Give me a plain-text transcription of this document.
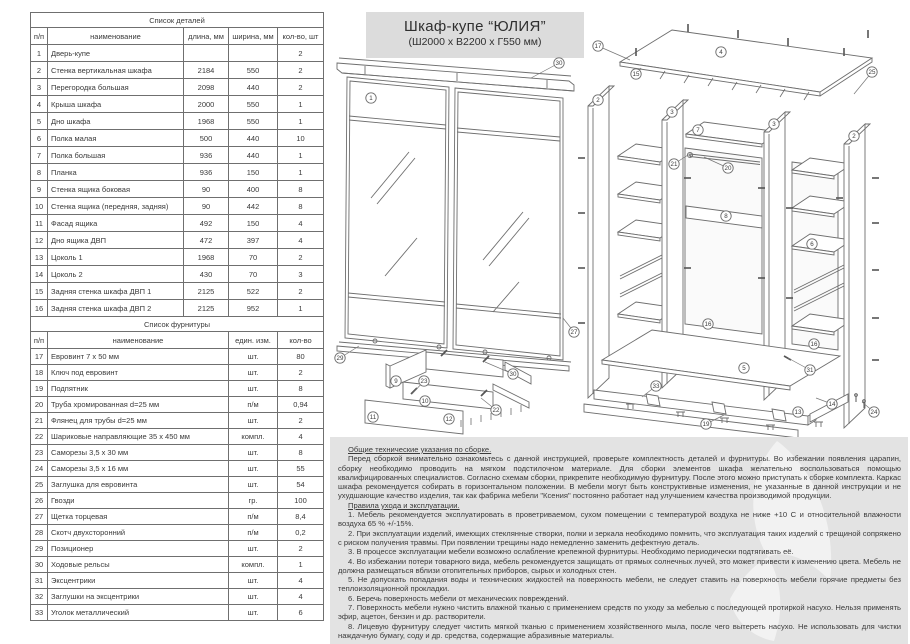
Список деталей				
п/п	наименование	длина, мм	ширина, мм	кол-во, шт
1	Дверь-купе			2
2	Стенка вертикальная шкафа	2184	550	2
3	Перегородка большая	2098	440	2
4	Крыша шкафа	2000	550	1
5	Дно шкафа	1968	550	1
6	Полка малая	500	440	10
7	Полка большая	936	440	1
8	Планка	936	150	1
9	Стенка ящика боковая	90	400	8
10	Стенка ящика (передняя, задняя)	90	442	8
11	Фасад ящика	492	150	4
12	Дно ящика ДВП	472	397	4
13	Цоколь 1	1968	70	2
14	Цоколь 2	430	70	3
15	Задняя стенка шкафа ДВП 1	2125	522	2
16	Задняя стенка шкафа ДВП 2	2125	952	1
Список фурнитуры			
п/п	наименование	един. изм.	кол-во
17	Евровинт 7 х 50 мм	шт.	80
18	Ключ под евровинт	шт.	2
19	Подпятник	шт.	8
20	Труба хромированная d=25 мм	п/м	0,94
21	Флянец для трубы d=25 мм	шт.	2
22	Шариковые направляющие 35 х 450 мм	компл.	4
23	Саморезы 3,5 х 30 мм	шт.	8
24	Саморезы 3,5 х 16 мм	шт.	55
25	Заглушка для евровинта	шт.	54
26	Гвозди	гр.	100
27	Щетка торцевая	п/м	8,4
28	Скотч двухсторонний	п/м	0,2
29	Позиционер	шт.	2
30	Ходовые рельсы	компл.	1
31	Эксцентрики	шт.	4
32	Заглушки на эксцентрики	шт.	4
33	Уголок металлический	шт.	6
Шкаф-купе “ЮЛИЯ”
(Ш2000 х В2200 х Г550 мм)
1
30
27
29
30
9	23
10
11	12
22
17
4
15
2
3
7
3
2
25
21
20
8
6
16
16
31
5
33
13
14
19
24

Общие технические указания по сборке.

Перед сборкой внимательно ознакомьтесь с данной инструкцией, проверьте комплектность деталей и фурнитуры. Во избежании появления царапин, сборку необходимо проводить на мягком подстилочном материале. Для сборки элементов шкафа желательно воспользоваться помощью квалифицированных специалистов. Согласно схемам сборки, прикрепите необходимую фурнитуру. После этого можно приступать к сборке комплекта. Каркас шкафа рекомендуется собирать в горизонтальном положении. В мебели могут быть конструктивные изменения, не указанные в данной инструкции и не ухудшающие качество изделия, так как фабрика мебели "Ксения" постоянно работает над улучшением качества производимой продукции.

Правила ухода и эксплуатации.

1. Мебель рекомендуется эксплуатировать в проветриваемом, сухом помещении с температурой воздуха не ниже +10 С и относительной влажности воздуха 65 % +/-15%.

2. При эксплуатации изделий, имеющих стеклянные створки, полки и зеркала необходимо помнить, что эксплуатация таких изделий с трещиной сопряжено с риском получения травмы. При появлении трещины надо немедленно заменить дефектную деталь.

3. В процессе эксплуатации мебели возможно ослабление крепежной фурнитуры. Необходимо периодически подтягивать её.

4. Во избежании потери товарного вида, мебель рекомендуется защищать от прямых солнечных лучей, это может привести к изменению цвета. Мебель не должна размещаться вблизи отопительных приборов, сырых и холодных стен.

5. Не допускать попадания воды и технических жидкостей на поверхность мебели, не следует ставить на поверхность мебели горячие предметы без теплоизоляционной прокладки.

6. Беречь поверхность мебели от механических повреждений.

7. Поверхность мебели нужно чистить влажной тканью с применением средств по уходу за мебелью с последующей протиркой насухо. Нельзя применять эфир, ацетон, бензин и др. растворители.

8. Лицевую фурнитуру следует чистить мягкой тканью с применением хозяйственного мыла, после чего вытереть насухо. Не использовать для чистки наждачную бумагу, соду и др. средства, содержащие абразивные материалы.
